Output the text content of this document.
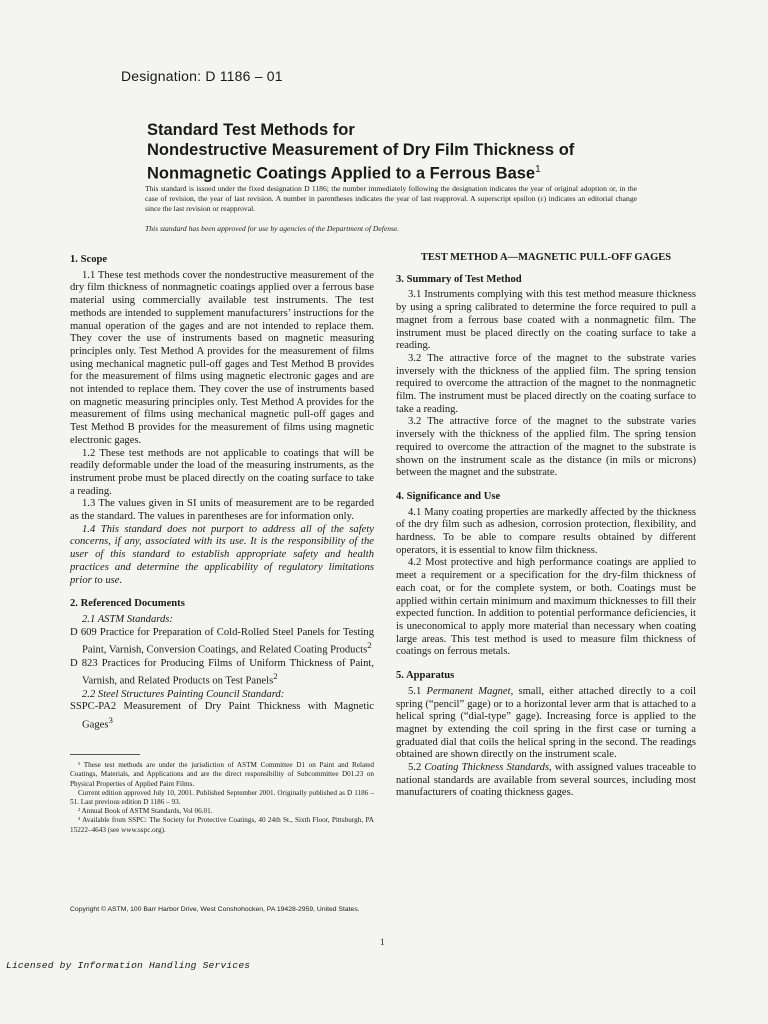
Designation: D 1186 – 01
Standard Test Methods for
Nondestructive Measurement of Dry Film Thickness of
Nonmagnetic Coatings Applied to a Ferrous Base$^1$
This standard is issued under the fixed designation D 1186; the number immediately following the designation indicates the year of original adoption or, in the case of revision, the year of last revision. A number in parentheses indicates the year of last reapproval. A superscript epsilon (ε) indicates an editorial change since the last revision or reapproval.
This standard has been approved for use by agencies of the Department of Defense.
1. Scope

1.1 These test methods cover the nondestructive measurement of the dry film thickness of nonmagnetic coatings applied over a ferrous base material using commercially available test instruments. The test methods are intended to supplement manufacturers’ instructions for the manual operation of the gages and are not intended to replace them. They cover the use of instruments based on magnetic measuring principles only. Test Method A provides for the measurement of films using mechanical magnetic pull-off gages and Test Method B provides for the measurement of films using magnetic electronic gages and are not intended to replace them. They cover the use of instruments based on magnetic measuring principles only. Test Method A provides for the measurement of films using mechanical magnetic pull-off gages and Test Method B provides for the measurement of films using magnetic electronic gages.

1.2 These test methods are not applicable to coatings that will be readily deformable under the load of the measuring instruments, as the instrument probe must be placed directly on the coating surface to take a reading.

1.3 The values given in SI units of measurement are to be regarded as the standard. The values in parentheses are for information only.

1.4 This standard does not purport to address all of the safety concerns, if any, associated with its use. It is the responsibility of the user of this standard to establish appropriate safety and health practices and determine the applicability of regulatory limitations prior to use.

2. Referenced Documents

2.1 ASTM Standards:

D 609 Practice for Preparation of Cold-Rolled Steel Panels for Testing Paint, Varnish, Conversion Coatings, and Related Coating Products$^2$

D 823 Practices for Producing Films of Uniform Thickness of Paint, Varnish, and Related Products on Test Panels$^2$

2.2 Steel Structures Painting Council Standard:

SSPC-PA2 Measurement of Dry Paint Thickness with Magnetic Gages$^3$

¹ These test methods are under the jurisdiction of ASTM Committee D1 on Paint and Related Coatings, Materials, and Applications and are the direct responsibility of Subcommittee D01.23 on Physical Properties of Applied Paint Films.

Current edition approved July 10, 2001. Published September 2001. Originally published as D 1186 – 51. Last previous edition D 1186 – 93.

² Annual Book of ASTM Standards, Vol 06.01.

³ Available from SSPC: The Society for Protective Coatings, 40 24th St., Sixth Floor, Pittsburgh, PA 15222–4643 (see www.sspc.org).

TEST METHOD A—MAGNETIC PULL-OFF GAGES
3. Summary of Test Method

3.1 Instruments complying with this test method measure thickness by using a spring calibrated to determine the force required to pull a magnet from a ferrous base coated with a nonmagnetic film. The instrument must be placed directly on the coating surface to take a reading.

3.2 The attractive force of the magnet to the substrate varies inversely with the thickness of the applied film. The spring tension required to overcome the attraction of the magnet to the nonmagnetic film. The instrument must be placed directly on the coating surface to take a reading.

3.2 The attractive force of the magnet to the substrate varies inversely with the thickness of the applied film. The spring tension required to overcome the attraction of the magnet to the substrate is shown on the instrument scale as the distance (in mils or microns) between the magnet and the substrate.

4. Significance and Use

4.1 Many coating properties are markedly affected by the thickness of the dry film such as adhesion, corrosion protection, flexibility, and hardness. To be able to compare results obtained by different operators, it is essential to know film thickness.

4.2 Most protective and high performance coatings are applied to meet a requirement or a specification for the dry-film thickness of each coat, or for the complete system, or both. Coatings must be applied within certain minimum and maximum thicknesses to fill their expected function. In addition to potential performance deficiencies, it is uneconomical to apply more material than necessary when coating large areas. This test method is used to measure film thickness of coatings on ferrous metals.

5. Apparatus

5.1 Permanent Magnet, small, either attached directly to a coil spring (“pencil” gage) or to a horizontal lever arm that is attached to a helical spring (“dial-type” gage). Increasing force is applied to the magnet by extending the coil spring in the first case or turning a graduated dial that coils the helical spring in the second. The readings obtained are shown directly on the instrument scale.

5.2 Coating Thickness Standards, with assigned values traceable to national standards are available from several sources, including most manufacturers of coating thickness gages.

Copyright © ASTM, 100 Barr Harbor Drive, West Conshohocken, PA 19428-2959, United States.
1
Licensed by Information Handling Services
